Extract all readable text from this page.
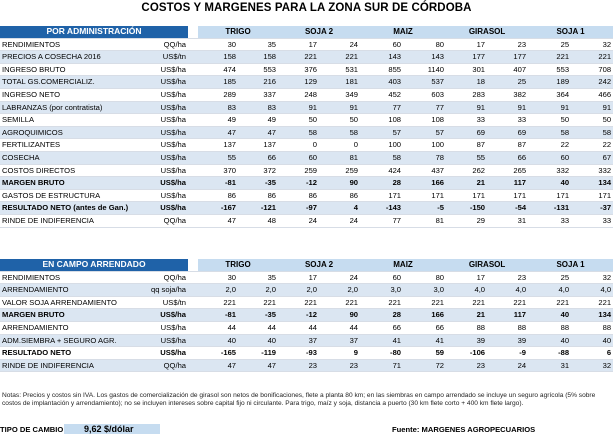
COSTOS Y MARGENES PARA LA ZONA SUR DE CÓRDOBA
POR ADMINISTRACIÓN			TRIGO		SOJA 2		MAIZ		GIRASOL		SOJA 1	
RENDIMIENTOS	QQ/ha		30	35	17	24	60	80	17	23	25	32
PRECIOS A COSECHA 2016	US$/tn		158	158	221	221	143	143	177	177	221	221
INGRESO BRUTO	US$/ha		474	553	376	531	855	1140	301	407	553	708
TOTAL GS.COMERCIALIZ.	US$/ha		185	216	129	181	403	537	18	25	189	242
INGRESO NETO	US$/ha		289	337	248	349	452	603	283	382	364	466
LABRANZAS (por contratista)	US$/ha		83	83	91	91	77	77	91	91	91	91
SEMILLA	US$/ha		49	49	50	50	108	108	33	33	50	50
AGROQUIMICOS	US$/ha		47	47	58	58	57	57	69	69	58	58
FERTILIZANTES	US$/ha		137	137	0	0	100	100	87	87	22	22
COSECHA	US$/ha		55	66	60	81	58	78	55	66	60	67
COSTOS DIRECTOS	US$/ha		370	372	259	259	424	437	262	265	332	332
MARGEN BRUTO	US$/ha		-81	-35	-12	90	28	166	21	117	40	134
GASTOS DE ESTRUCTURA	US$/ha		86	86	86	86	171	171	171	171	171	171
RESULTADO NETO (antes de Gan.)	US$/ha		-167	-121	-97	4	-143	-5	-150	-54	-131	-37
RINDE DE INDIFERENCIA	QQ/ha		47	48	24	24	77	81	29	31	33	33
EN CAMPO ARRENDADO			TRIGO		SOJA 2		MAIZ		GIRASOL		SOJA 1	
RENDIMIENTOS	QQ/ha		30	35	17	24	60	80	17	23	25	32
ARRENDAMIENTO	qq soja/ha		2,0	2,0	2,0	2,0	3,0	3,0	4,0	4,0	4,0	4,0
VALOR SOJA ARRENDAMIENTO	US$/tn		221	221	221	221	221	221	221	221	221	221
MARGEN BRUTO	US$/ha		-81	-35	-12	90	28	166	21	117	40	134
ARRENDAMIENTO	US$/ha		44	44	44	44	66	66	88	88	88	88
ADM.SIEMBRA + SEGURO AGR.	US$/ha		40	40	37	37	41	41	39	39	40	40
RESULTADO NETO	US$/ha		-165	-119	-93	9	-80	59	-106	-9	-88	6
RINDE DE INDIFERENCIA	QQ/ha		47	47	23	23	71	72	23	24	31	32
Notas: Precios y costos sin IVA. Los gastos de comercialización de girasol son netos de bonificaciones, flete a planta 80 km; en las siembras en campo arrendado se incluye un seguro agrícola (5% sobre costos de implantación y arrendamiento); no se incluyen intereses sobre capital fijo ni circulante. Para trigo, maíz y soja, distancia a puerto (30 km flete corto + 400 km flete largo).
TIPO DE CAMBIO	9,62 $/dólar	Fuente: MARGENES AGROPECUARIOS
